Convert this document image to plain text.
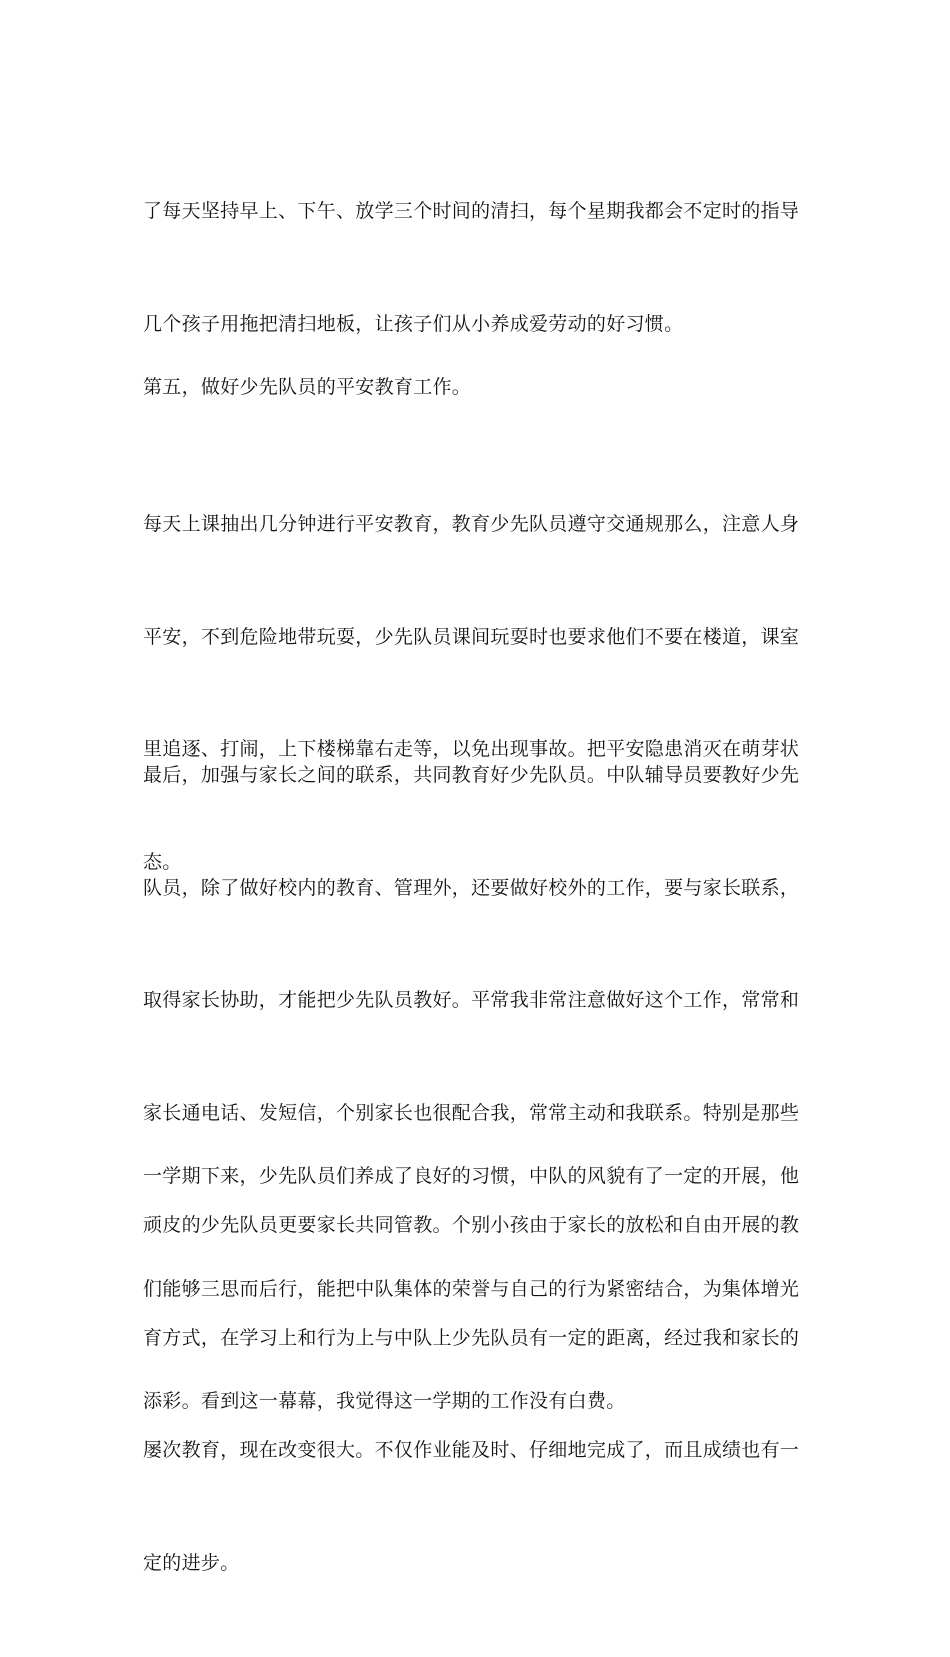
了每天坚持早上、下午、放学三个时间的清扫，每个星期我都会不定时的指导

几个孩子用拖把清扫地板，让孩子们从小养成爱劳动的好习惯。

第五，做好少先队员的平安教育工作。

每天上课抽出几分钟进行平安教育，教育少先队员遵守交通规那么，注意人身

平安，不到危险地带玩耍，少先队员课间玩耍时也要求他们不要在楼道，课室

里追逐、打闹，上下楼梯靠右走等，以免出现事故。把平安隐患消灭在萌芽状

态。

最后，加强与家长之间的联系，共同教育好少先队员。中队辅导员要教好少先

队员，除了做好校内的教育、管理外，还要做好校外的工作，要与家长联系，

取得家长协助，才能把少先队员教好。平常我非常注意做好这个工作，常常和

家长通电话、发短信，个别家长也很配合我，常常主动和我联系。特别是那些

顽皮的少先队员更要家长共同管教。个别小孩由于家长的放松和自由开展的教

育方式，在学习上和行为上与中队上少先队员有一定的距离，经过我和家长的

屡次教育，现在改变很大。不仅作业能及时、仔细地完成了，而且成绩也有一

定的进步。

一学期下来，少先队员们养成了良好的习惯，中队的风貌有了一定的开展，他

们能够三思而后行，能把中队集体的荣誉与自己的行为紧密结合，为集体增光

添彩。看到这一幕幕，我觉得这一学期的工作没有白费。
